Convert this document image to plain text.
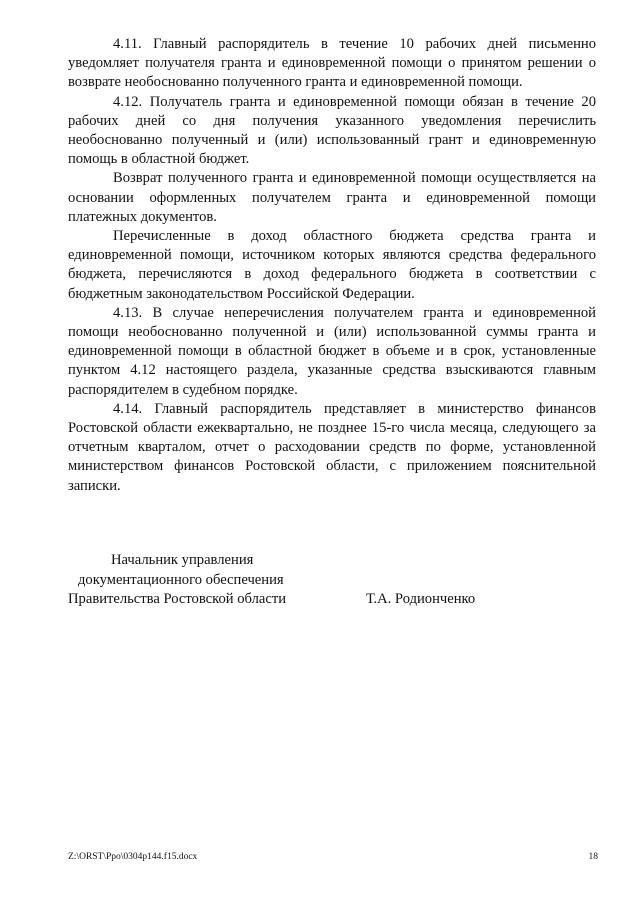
4.11. Главный распорядитель в течение 10 рабочих дней письменно уведомляет получателя гранта и единовременной помощи о принятом решении о возврате необоснованно полученного гранта и единовременной помощи.

4.12. Получатель гранта и единовременной помощи обязан в течение 20 рабочих дней со дня получения указанного уведомления перечислить необоснованно полученный и (или) использованный грант и единовременную помощь в областной бюджет.

Возврат полученного гранта и единовременной помощи осуществляется на основании оформленных получателем гранта и единовременной помощи платежных документов.

Перечисленные в доход областного бюджета средства гранта и единовременной помощи, источником которых являются средства федерального бюджета, перечисляются в доход федерального бюджета в соответствии с бюджетным законодательством Российской Федерации.

4.13. В случае неперечисления получателем гранта и единовременной помощи необоснованно полученной и (или) использованной суммы гранта и единовременной помощи в областной бюджет в объеме и в срок, установленные пунктом 4.12 настоящего раздела, указанные средства взыскиваются главным распорядителем в судебном порядке.

4.14. Главный распорядитель представляет в министерство финансов Ростовской области ежеквартально, не позднее 15-го числа месяца, следующего за отчетным кварталом, отчет о расходовании средств по форме, установленной министерством финансов Ростовской области, с приложением пояснительной записки.

Начальник управления
документационного обеспечения
Правительства Ростовской области	Т.А. Родионченко
Z:\ORST\Ppo\0304p144.f15.docx	18
